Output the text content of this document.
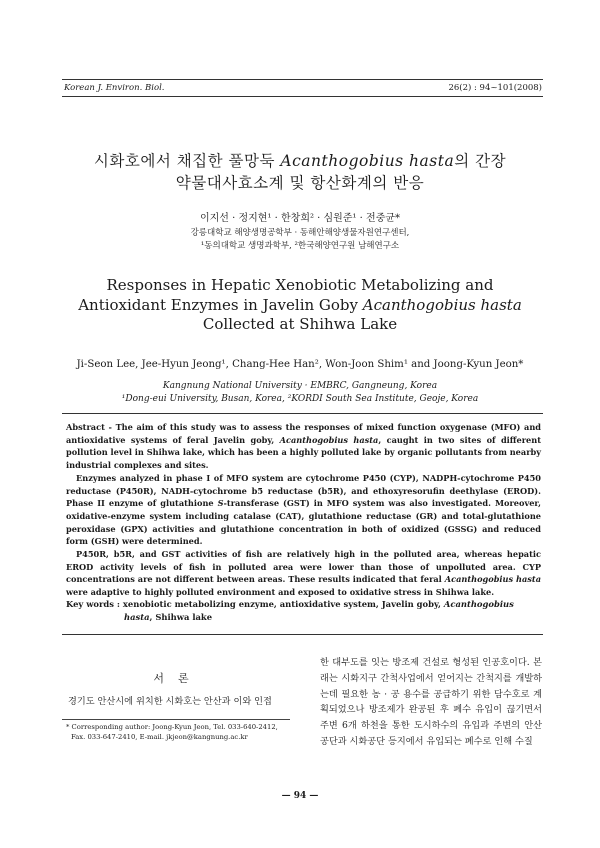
Korean J. Environ. Biol.	26(2) : 94~101(2008)
시화호에서 채집한 풀망둑 Acanthogobius hasta의 간장
약물대사효소계 및 항산화계의 반응
이지선 · 정지현¹ · 한창희² · 심원준¹ · 전중균*
강릉대학교 해양생명공학부 · 동해안해양생물자원연구센터,
¹동의대학교 생명과학부, ²한국해양연구원 남해연구소
Responses in Hepatic Xenobiotic Metabolizing and
Antioxidant Enzymes in Javelin Goby Acanthogobius hasta
Collected at Shihwa Lake
Ji-Seon Lee, Jee-Hyun Jeong¹, Chang-Hee Han², Won-Joon Shim¹ and Joong-Kyun Jeon*
Kangnung National University · EMBRC, Gangneung, Korea
¹Dong-eui University, Busan, Korea, ²KORDI South Sea Institute, Geoje, Korea

Abstract - The aim of this study was to assess the responses of mixed function oxygenase (MFO) and antioxidative systems of feral Javelin goby, Acanthogobius hasta, caught in two sites of different pollution level in Shihwa lake, which has been a highly polluted lake by organic pollutants from nearby industrial complexes and sites.

Enzymes analyzed in phase I of MFO system are cytochrome P450 (CYP), NADPH-cytochrome P450 reductase (P450R), NADH-cytochrome b5 reductase (b5R), and ethoxyresorufin deethylase (EROD). Phase II enzyme of glutathione S-transferase (GST) in MFO system was also investigated. Moreover, oxidative-enzyme system including catalase (CAT), glutathione reductase (GR) and total-glutathione peroxidase (GPX) activities and glutathione concentration in both of oxidized (GSSG) and reduced form (GSH) were determined.

P450R, b5R, and GST activities of fish are relatively high in the polluted area, whereas hepatic EROD activity levels of fish in polluted area were lower than those of unpolluted area. CYP concentrations are not different between areas. These results indicated that feral Acanthogobius hasta were adaptive to highly polluted environment and exposed to oxidative stress in Shihwa lake.

Key words : xenobiotic metabolizing enzyme, antioxidative system, Javelin goby, Acanthogobius
hasta, Shihwa lake
서론
경기도 안산시에 위치한 시화호는 안산과 이와 인접
* Corresponding author: Joong-Kyun Jeon, Tel. 033-640-2412,
Fax. 033-647-2410, E-mail. jkjeon@kangnung.ac.kr
한 대부도를 잇는 방조제 건설로 형성된 인공호이다. 본래는 시화지구 간척사업에서 얻어지는 간척지를 개발하는데 필요한 농 · 공 용수를 공급하기 위한 담수호로 계획되었으나 방조제가 완공된 후 폐수 유입이 끊기면서 주변 6개 하천을 통한 도시하수의 유입과 주변의 안산 공단과 시화공단 등지에서 유입되는 폐수로 인해 수질
— 94 —
